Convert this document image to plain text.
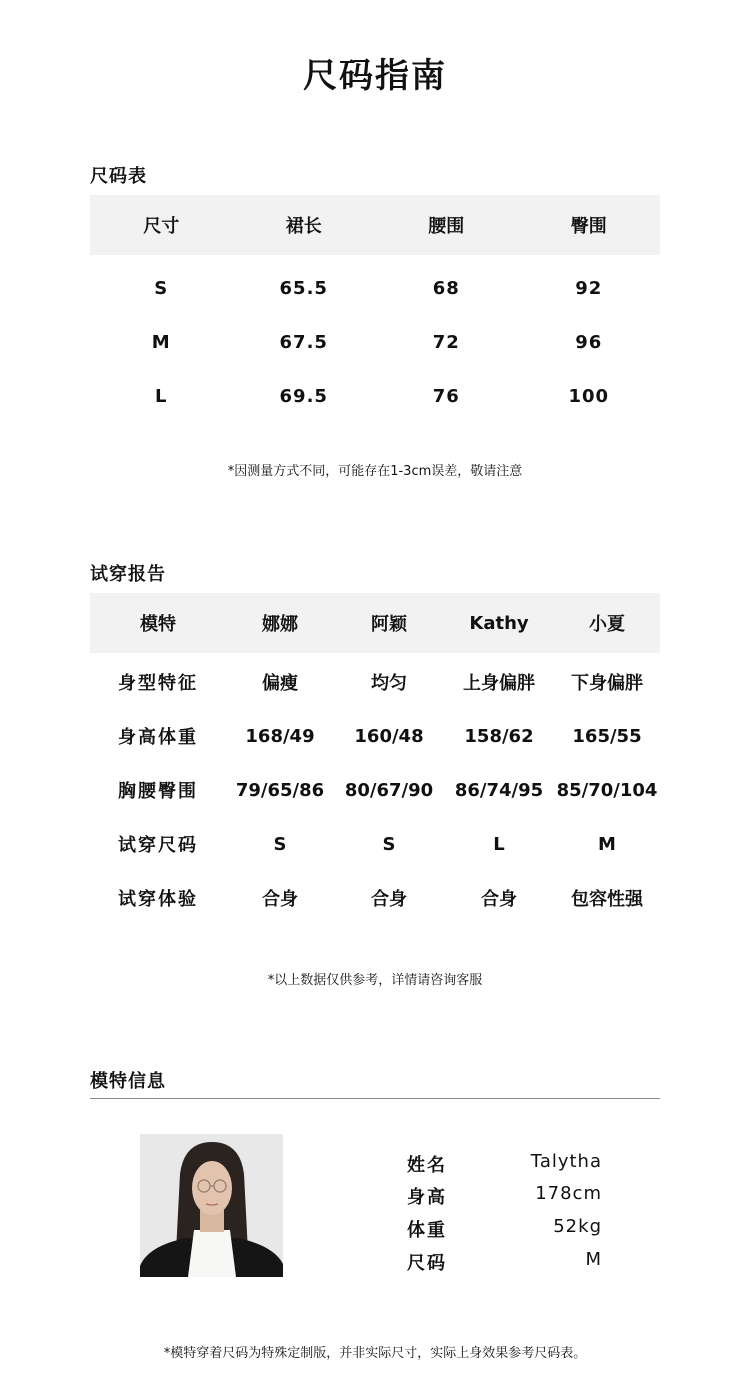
尺码指南
尺码表
尺寸	裙长	腰围	臀围
S	65.5	68	92
M	67.5	72	96
L	69.5	76	100
*因测量方式不同，可能存在1-3cm误差，敬请注意
试穿报告
模特	娜娜	阿颖	Kathy	小夏
身型特征	偏瘦	均匀	上身偏胖	下身偏胖
身高体重	168/49	160/48	158/62	165/55
胸腰臀围	79/65/86	80/67/90	86/74/95	85/70/104
试穿尺码	S	S	L	M
试穿体验	合身	合身	合身	包容性强
*以上数据仅供参考，详情请咨询客服
模特信息
姓名	Talytha
身高	178cm
体重	52kg
尺码	M
*模特穿着尺码为特殊定制版，并非实际尺寸，实际上身效果参考尺码表。
